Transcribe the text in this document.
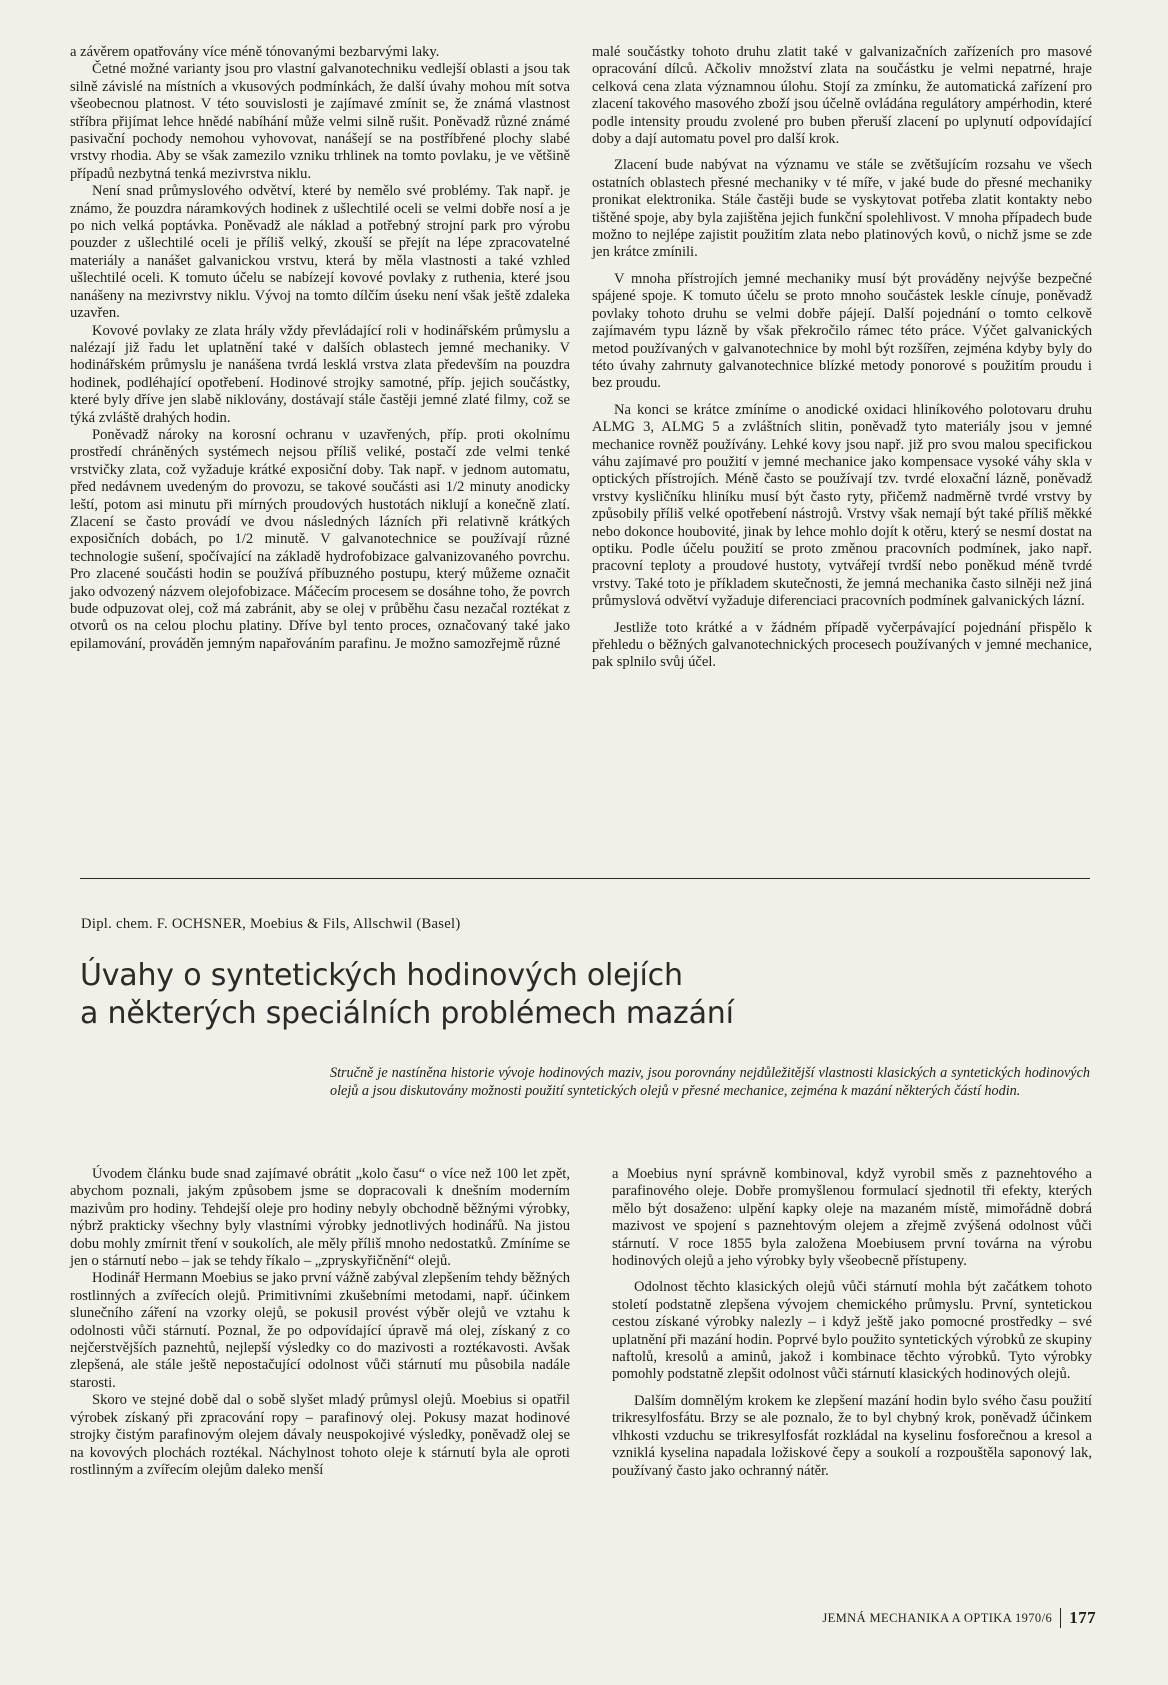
a závěrem opatřovány více méně tónovanými bezbarvými laky.

Četné možné varianty jsou pro vlastní galvanotechniku vedlejší oblasti a jsou tak silně závislé na místních a vkusových podmínkách, že další úvahy mohou mít sotva všeobecnou platnost. V této souvislosti je zajímavé zmínit se, že známá vlastnost stříbra přijímat lehce hnědé nabíhání může velmi silně rušit. Poněvadž různé známé pasivační pochody nemohou vyhovovat, nanášejí se na postříbřené plochy slabé vrstvy rhodia. Aby se však zamezilo vzniku trhlinek na tomto povlaku, je ve většině případů nezbytná tenká mezivrstva niklu.

Není snad průmyslového odvětví, které by nemělo své problémy. Tak např. je známo, že pouzdra náramkových hodinek z ušlechtilé oceli se velmi dobře nosí a je po nich velká poptávka. Poněvadž ale náklad a potřebný strojní park pro výrobu pouzder z ušlechtilé oceli je příliš velký, zkouší se přejít na lépe zpracovatelné materiály a nanášet galvanickou vrstvu, která by měla vlastnosti a také vzhled ušlechtilé oceli. K tomuto účelu se nabízejí kovové povlaky z ruthenia, které jsou nanášeny na mezivrstvy niklu. Vývoj na tomto dílčím úseku není však ještě zdaleka uzavřen.

Kovové povlaky ze zlata hrály vždy převládající roli v hodinářském průmyslu a nalézají již řadu let uplatnění také v dalších oblastech jemné mechaniky. V hodinářském průmyslu je nanášena tvrdá lesklá vrstva zlata především na pouzdra hodinek, podléhající opotřebení. Hodinové strojky samotné, příp. jejich součástky, které byly dříve jen slabě niklovány, dostávají stále častěji jemné zlaté filmy, což se týká zvláště drahých hodin.

Poněvadž nároky na korosní ochranu v uzavřených, příp. proti okolnímu prostředí chráněných systémech nejsou příliš veliké, postačí zde velmi tenké vrstvičky zlata, což vyžaduje krátké exposiční doby. Tak např. v jednom automatu, před nedávnem uvedeným do provozu, se takové součásti asi 1/2 minuty anodicky leští, potom asi minutu při mírných proudových hustotách niklují a konečně zlatí. Zlacení se často provádí ve dvou následných lázních při relativně krátkých exposičních dobách, po 1/2 minutě. V galvanotechnice se používají různé technologie sušení, spočívající na základě hydrofobizace galvanizovaného povrchu. Pro zlacené součásti hodin se používá příbuzného postupu, který můžeme označit jako odvozený názvem olejofobizace. Máčecím procesem se dosáhne toho, že povrch bude odpuzovat olej, což má zabránit, aby se olej v průběhu času nezačal roztékat z otvorů os na celou plochu platiny. Dříve byl tento proces, označovaný také jako epilamování, prováděn jemným napařováním parafinu. Je možno samozřejmě různé

malé součástky tohoto druhu zlatit také v galvanizačních zařízeních pro masové opracování dílců. Ačkoliv množství zlata na součástku je velmi nepatrné, hraje celková cena zlata významnou úlohu. Stojí za zmínku, že automatická zařízení pro zlacení takového masového zboží jsou účelně ovládána regulátory ampérhodin, které podle intensity proudu zvolené pro buben přeruší zlacení po uplynutí odpovídající doby a dají automatu povel pro další krok.

Zlacení bude nabývat na významu ve stále se zvětšujícím rozsahu ve všech ostatních oblastech přesné mechaniky v té míře, v jaké bude do přesné mechaniky pronikat elektronika. Stále častěji bude se vyskytovat potřeba zlatit kontakty nebo tištěné spoje, aby byla zajištěna jejich funkční spolehlivost. V mnoha případech bude možno to nejlépe zajistit použitím zlata nebo platinových kovů, o nichž jsme se zde jen krátce zmínili.

V mnoha přístrojích jemné mechaniky musí být prováděny nejvýše bezpečné spájené spoje. K tomuto účelu se proto mnoho součástek leskle cínuje, poněvadž povlaky tohoto druhu se velmi dobře pájejí. Další pojednání o tomto celkově zajímavém typu lázně by však překročilo rámec této práce. Výčet galvanických metod používaných v galvanotechnice by mohl být rozšířen, zejména kdyby byly do této úvahy zahrnuty galvanotechnice blízké metody ponorové s použitím proudu i bez proudu.

Na konci se krátce zmíníme o anodické oxidaci hliníkového polotovaru druhu ALMG 3, ALMG 5 a zvláštních slitin, poněvadž tyto materiály jsou v jemné mechanice rovněž používány. Lehké kovy jsou např. již pro svou malou specifickou váhu zajímavé pro použití v jemné mechanice jako kompensace vysoké váhy skla v optických přístrojích. Méně často se používají tzv. tvrdé eloxační lázně, poněvadž vrstvy kysličníku hliníku musí být často ryty, přičemž nadměrně tvrdé vrstvy by způsobily příliš velké opotřebení nástrojů. Vrstvy však nemají být také příliš měkké nebo dokonce houbovité, jinak by lehce mohlo dojít k otěru, který se nesmí dostat na optiku. Podle účelu použití se proto změnou pracovních podmínek, jako např. pracovní teploty a proudové hustoty, vytvářejí tvrdší nebo poněkud méně tvrdé vrstvy. Také toto je příkladem skutečnosti, že jemná mechanika často silněji než jiná průmyslová odvětví vyžaduje diferenciaci pracovních podmínek galvanických lázní.

Jestliže toto krátké a v žádném případě vyčerpávající pojednání přispělo k přehledu o běžných galvanotechnických procesech používaných v jemné mechanice, pak splnilo svůj účel.

Dipl. chem. F. OCHSNER, Moebius & Fils, Allschwil (Basel)
Úvahy o syntetických hodinových olejích
a některých speciálních problémech mazání
Stručně je nastíněna historie vývoje hodinových maziv, jsou porovnány nejdůležitější vlastnosti klasických a syntetických hodinových olejů a jsou diskutovány možnosti použití syntetických olejů v přesné mechanice, zejména k mazání některých částí hodin.

Úvodem článku bude snad zajímavé obrátit „kolo času“ o více než 100 let zpět, abychom poznali, jakým způsobem jsme se dopracovali k dnešním moderním mazivům pro hodiny. Tehdejší oleje pro hodiny nebyly obchodně běžnými výrobky, nýbrž prakticky všechny byly vlastními výrobky jednotlivých hodinářů. Na jistou dobu mohly zmírnit tření v soukolích, ale měly příliš mnoho nedostatků. Zmíníme se jen o stárnutí nebo – jak se tehdy říkalo – „zpryskyřičnění“ olejů.

Hodinář Hermann Moebius se jako první vážně zabýval zlepšením tehdy běžných rostlinných a zvířecích olejů. Primitivními zkušebními metodami, např. účinkem slunečního záření na vzorky olejů, se pokusil provést výběr olejů ve vztahu k odolnosti vůči stárnutí. Poznal, že po odpovídající úpravě má olej, získaný z co nejčerstvějších paznehtů, nejlepší výsledky co do mazivosti a roztékavosti. Avšak zlepšená, ale stále ještě nepostačující odolnost vůči stárnutí mu působila nadále starosti.

Skoro ve stejné době dal o sobě slyšet mladý průmysl olejů. Moebius si opatřil výrobek získaný při zpracování ropy – parafinový olej. Pokusy mazat hodinové strojky čistým parafinovým olejem dávaly neuspokojivé výsledky, poněvadž olej se na kovových plochách roztékal. Náchylnost tohoto oleje k stárnutí byla ale oproti rostlinným a zvířecím olejům daleko menší

a Moebius nyní správně kombinoval, když vyrobil směs z paznehtového a parafinového oleje. Dobře promyšlenou formulací sjednotil tři efekty, kterých mělo být dosaženo: ulpění kapky oleje na mazaném místě, mimořádně dobrá mazivost ve spojení s paznehtovým olejem a zřejmě zvýšená odolnost vůči stárnutí. V roce 1855 byla založena Moebiusem první továrna na výrobu hodinových olejů a jeho výrobky byly všeobecně přístupeny.

Odolnost těchto klasických olejů vůči stárnutí mohla být začátkem tohoto století podstatně zlepšena vývojem chemického průmyslu. První, syntetickou cestou získané výrobky nalezly – i když ještě jako pomocné prostředky – své uplatnění při mazání hodin. Poprvé bylo použito syntetických výrobků ze skupiny naftolů, kresolů a aminů, jakož i kombinace těchto výrobků. Tyto výrobky pomohly podstatně zlepšit odolnost vůči stárnutí klasických hodinových olejů.

Dalším domnělým krokem ke zlepšení mazání hodin bylo svého času použití trikresylfosfátu. Brzy se ale poznalo, že to byl chybný krok, poněvadž účinkem vlhkosti vzduchu se trikresylfosfát rozkládal na kyselinu fosforečnou a kresol a vzniklá kyselina napadala ložiskové čepy a soukolí a rozpouštěla saponový lak, používaný často jako ochranný nátěr.

JEMNÁ MECHANIKA A OPTIKA 1970/6 177
